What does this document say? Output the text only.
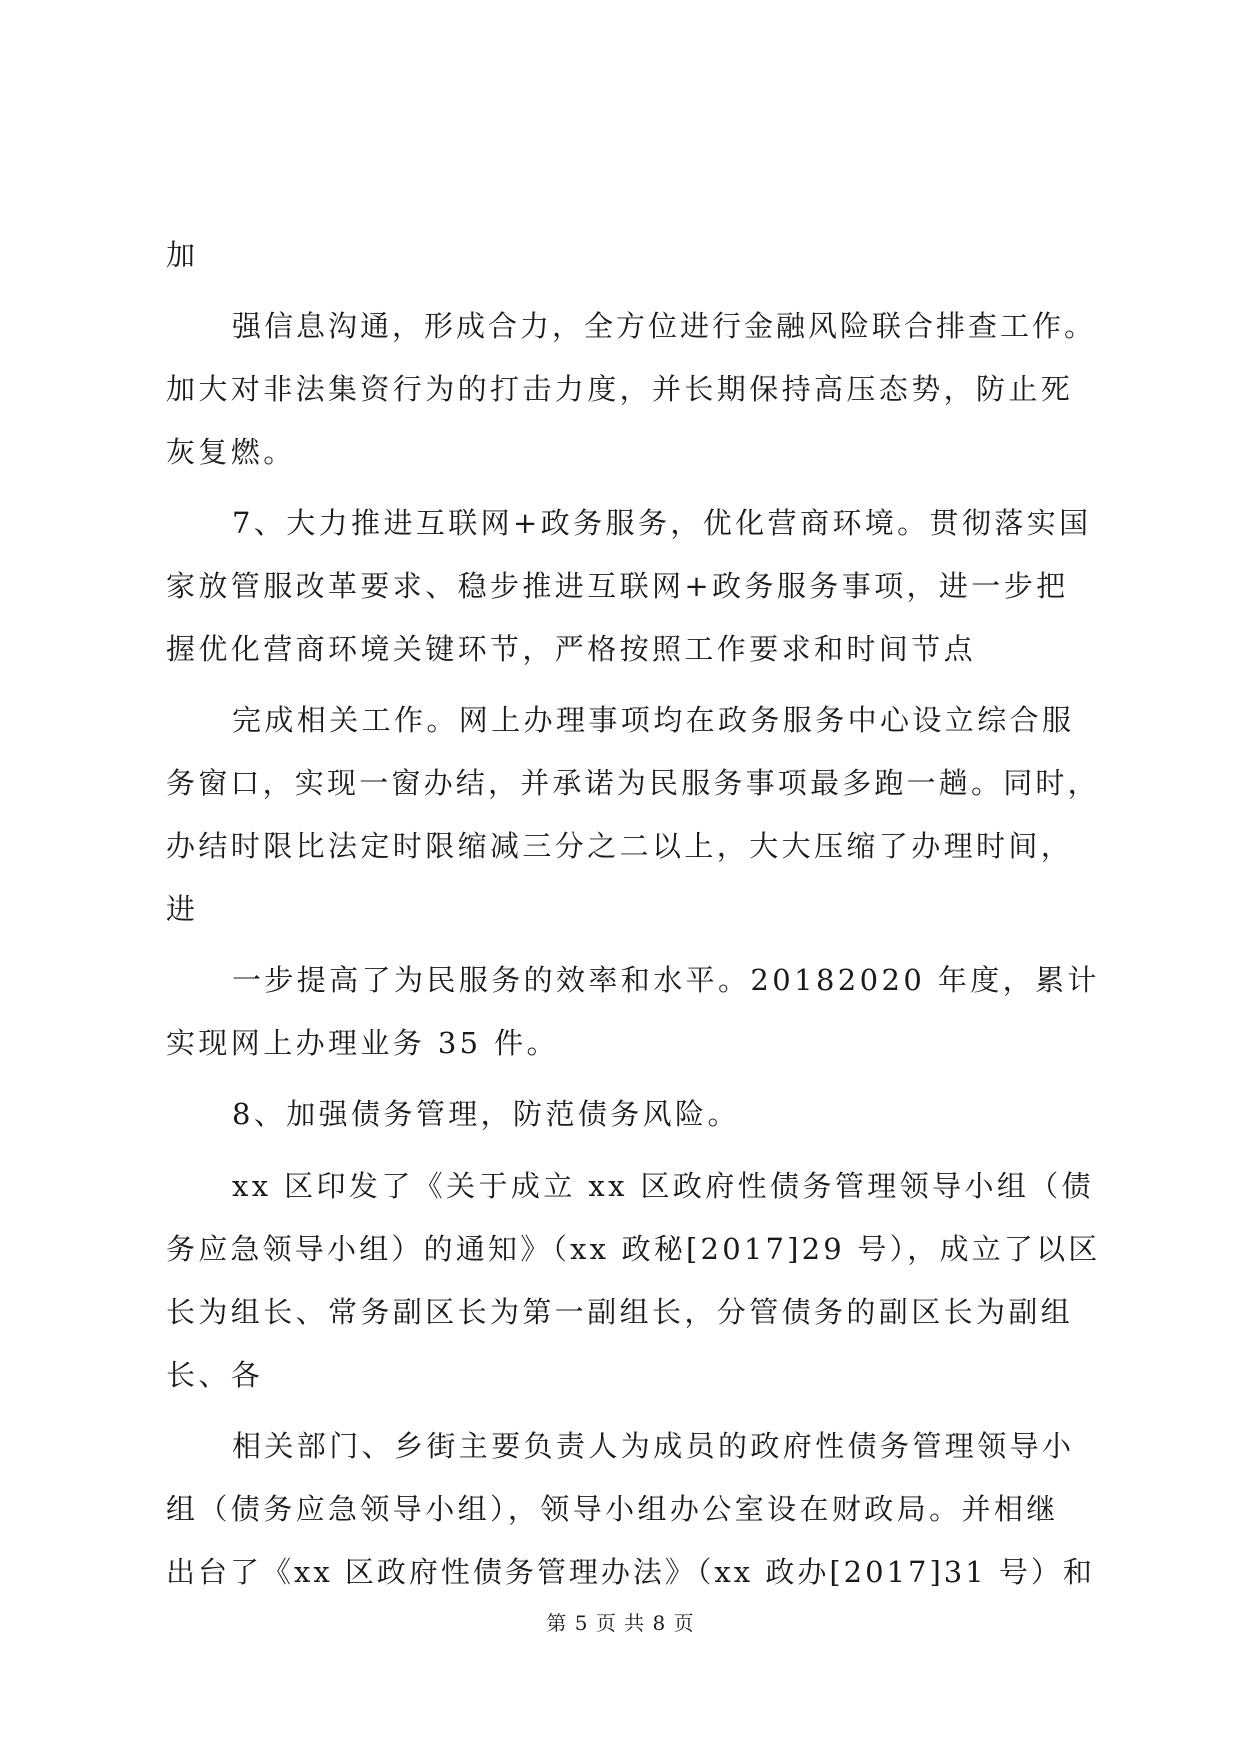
加
强信息沟通，形成合力，全方位进行金融风险联合排查工作。
加大对非法集资行为的打击力度，并长期保持高压态势，防止死
灰复燃。
7、大力推进互联网+政务服务，优化营商环境。贯彻落实国
家放管服改革要求、稳步推进互联网+政务服务事项，进一步把
握优化营商环境关键环节，严格按照工作要求和时间节点
完成相关工作。网上办理事项均在政务服务中心设立综合服
务窗口，实现一窗办结，并承诺为民服务事项最多跑一趟。同时，
办结时限比法定时限缩减三分之二以上，大大压缩了办理时间，
进
一步提高了为民服务的效率和水平。20182020 年度，累计
实现网上办理业务 35 件。
8、加强债务管理，防范债务风险。
xx 区印发了《关于成立 xx 区政府性债务管理领导小组（债
务应急领导小组）的通知》（xx 政秘[2017]29 号），成立了以区
长为组长、常务副区长为第一副组长，分管债务的副区长为副组
长、各
相关部门、乡街主要负责人为成员的政府性债务管理领导小
组（债务应急领导小组），领导小组办公室设在财政局。并相继
出台了《xx 区政府性债务管理办法》（xx 政办[2017]31 号）和
第 5 页 共 8 页
